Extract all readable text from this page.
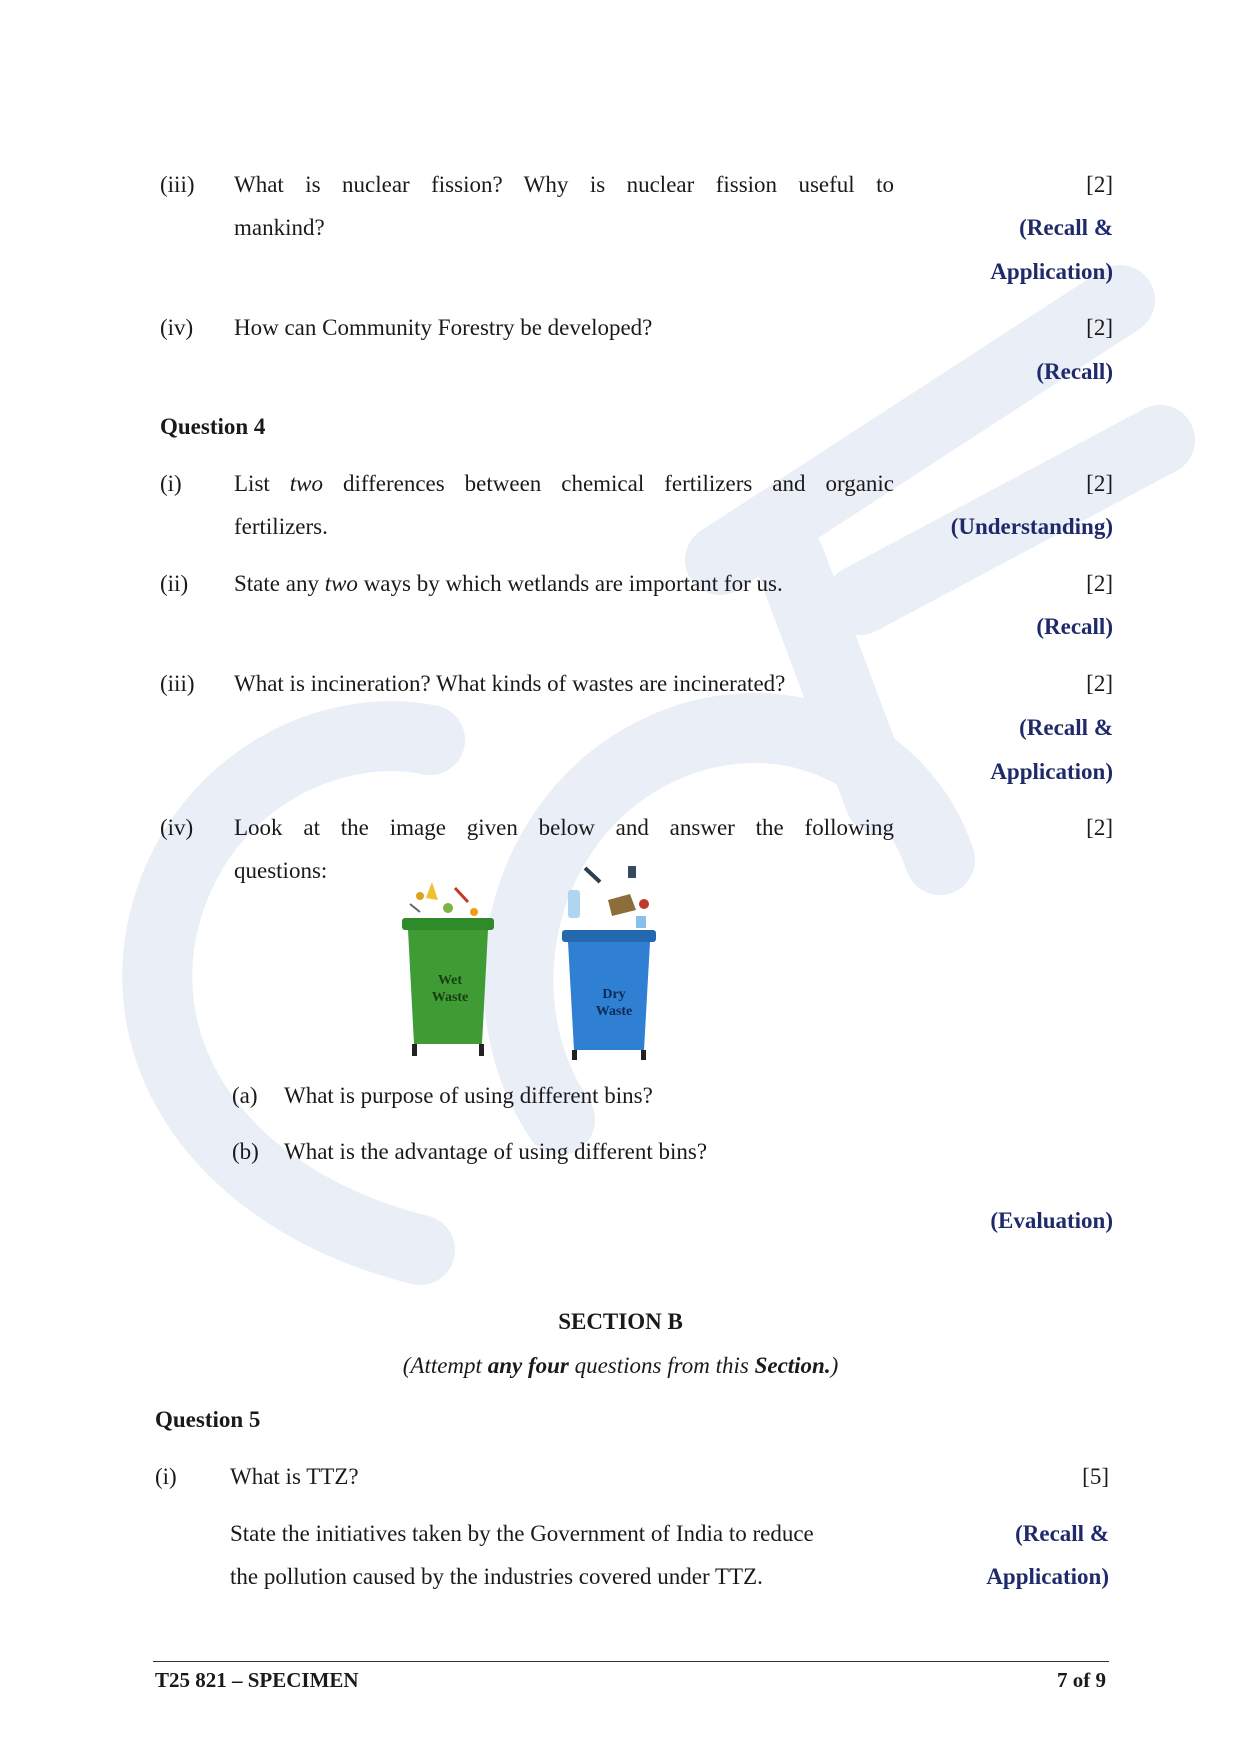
(iii)	What is nuclear fission? Why is nuclear fission useful to
mankind?
[2]
(Recall &
Application)
(iv)	How can Community Forestry be developed?	[2]
(Recall)
Question 4
(i)	List two differences between chemical fertilizers and organic
fertilizers.
[2]
(Understanding)
(ii)	State any two ways by which wetlands are important for us.	[2]
(Recall)
(iii)	What is incineration? What kinds of wastes are incinerated?	[2]
(Recall &
Application)
(iv)	Look at the image given below and answer the following
questions:
[2]
Wet
Waste	Dry
Waste
(a) What is purpose of using different bins?
(b) What is the advantage of using different bins?
(Evaluation)
SECTION B
(Attempt any four questions from this Section.)
Question 5
(i) What is TTZ?	[5]
State the initiatives taken by the Government of India to reduce
the pollution caused by the industries covered under TTZ.
(Recall &
Application)
T25 821 – SPECIMEN	7 of 9
